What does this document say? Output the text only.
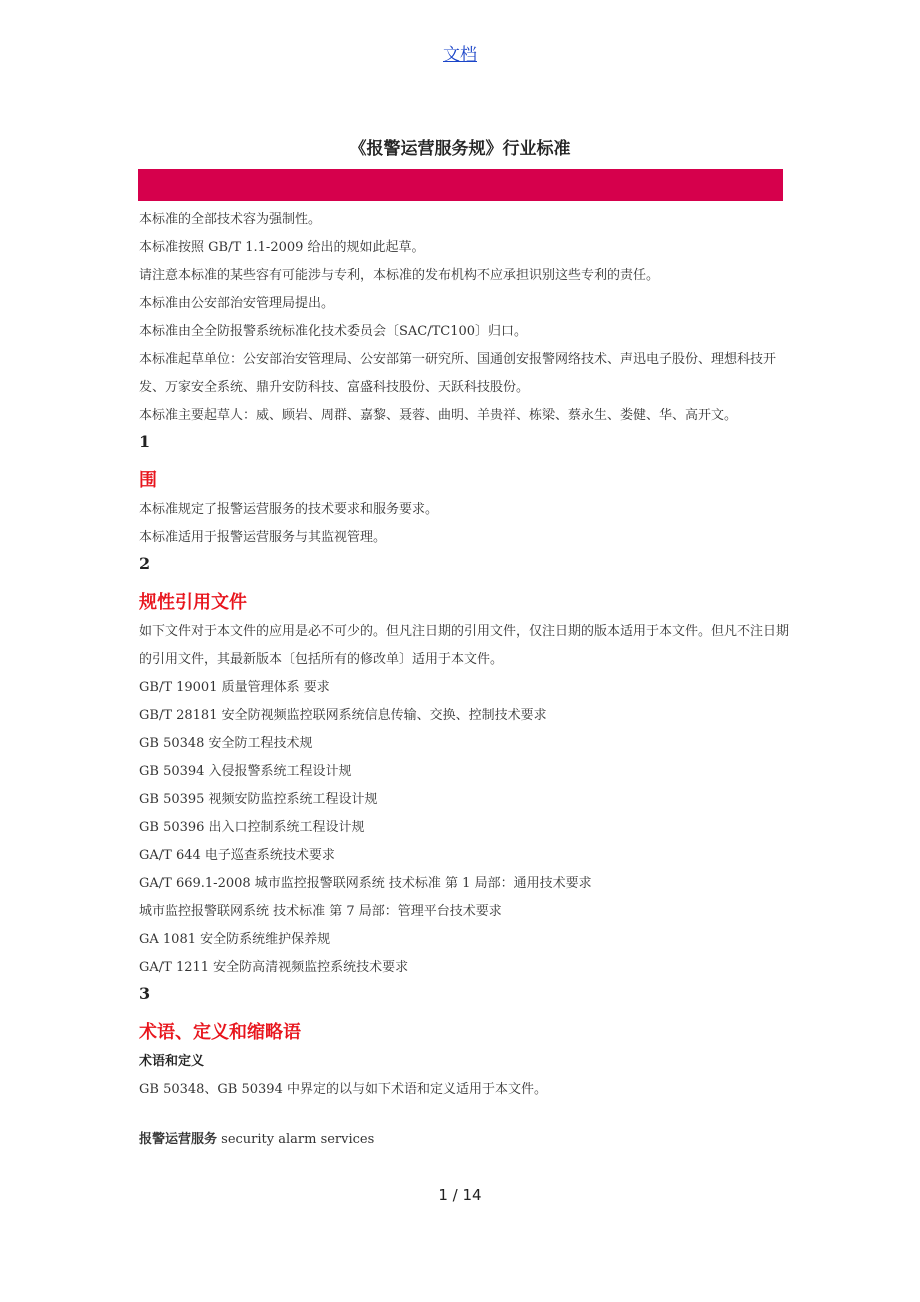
文档
《报警运营服务规》行业标准

本标准的全部技术容为强制性。

本标准按照 GB/T 1.1-2009 给出的规如此起草。

请注意本标准的某些容有可能涉与专利，本标准的发布机构不应承担识别这些专利的责任。

本标准由公安部治安管理局提出。

本标准由全全防报警系统标准化技术委员会〔SAC/TC100〕归口。

本标准起草单位：公安部治安管理局、公安部第一研究所、国通创安报警网络技术、声迅电子股份、理想科技开发、万家安全系统、鼎升安防科技、富盛科技股份、天跃科技股份。

本标准主要起草人：威、顾岩、周群、嘉黎、聂蓉、曲明、羊贵祥、栋梁、蔡永生、娄健、华、高开文。

1

围

本标准规定了报警运营服务的技术要求和服务要求。

本标准适用于报警运营服务与其监视管理。

2

规性引用文件

如下文件对于本文件的应用是必不可少的。但凡注日期的引用文件，仅注日期的版本适用于本文件。但凡不注日期的引用文件，其最新版本〔包括所有的修改单〕适用于本文件。

GB/T 19001 质量管理体系 要求

GB/T 28181 安全防视频监控联网系统信息传输、交换、控制技术要求

GB 50348 安全防工程技术规

GB 50394 入侵报警系统工程设计规

GB 50395 视频安防监控系统工程设计规

GB 50396 出入口控制系统工程设计规

GA/T 644 电子巡查系统技术要求

GA/T 669.1-2008 城市监控报警联网系统 技术标准 第 1 局部：通用技术要求

城市监控报警联网系统 技术标准 第 7 局部：管理平台技术要求

GA 1081 安全防系统维护保养规

GA/T 1211 安全防高清视频监控系统技术要求

3

术语、定义和缩略语

术语和定义

GB 50348、GB 50394 中界定的以与如下术语和定义适用于本文件。

报警运营服务 security alarm services

1 / 14
